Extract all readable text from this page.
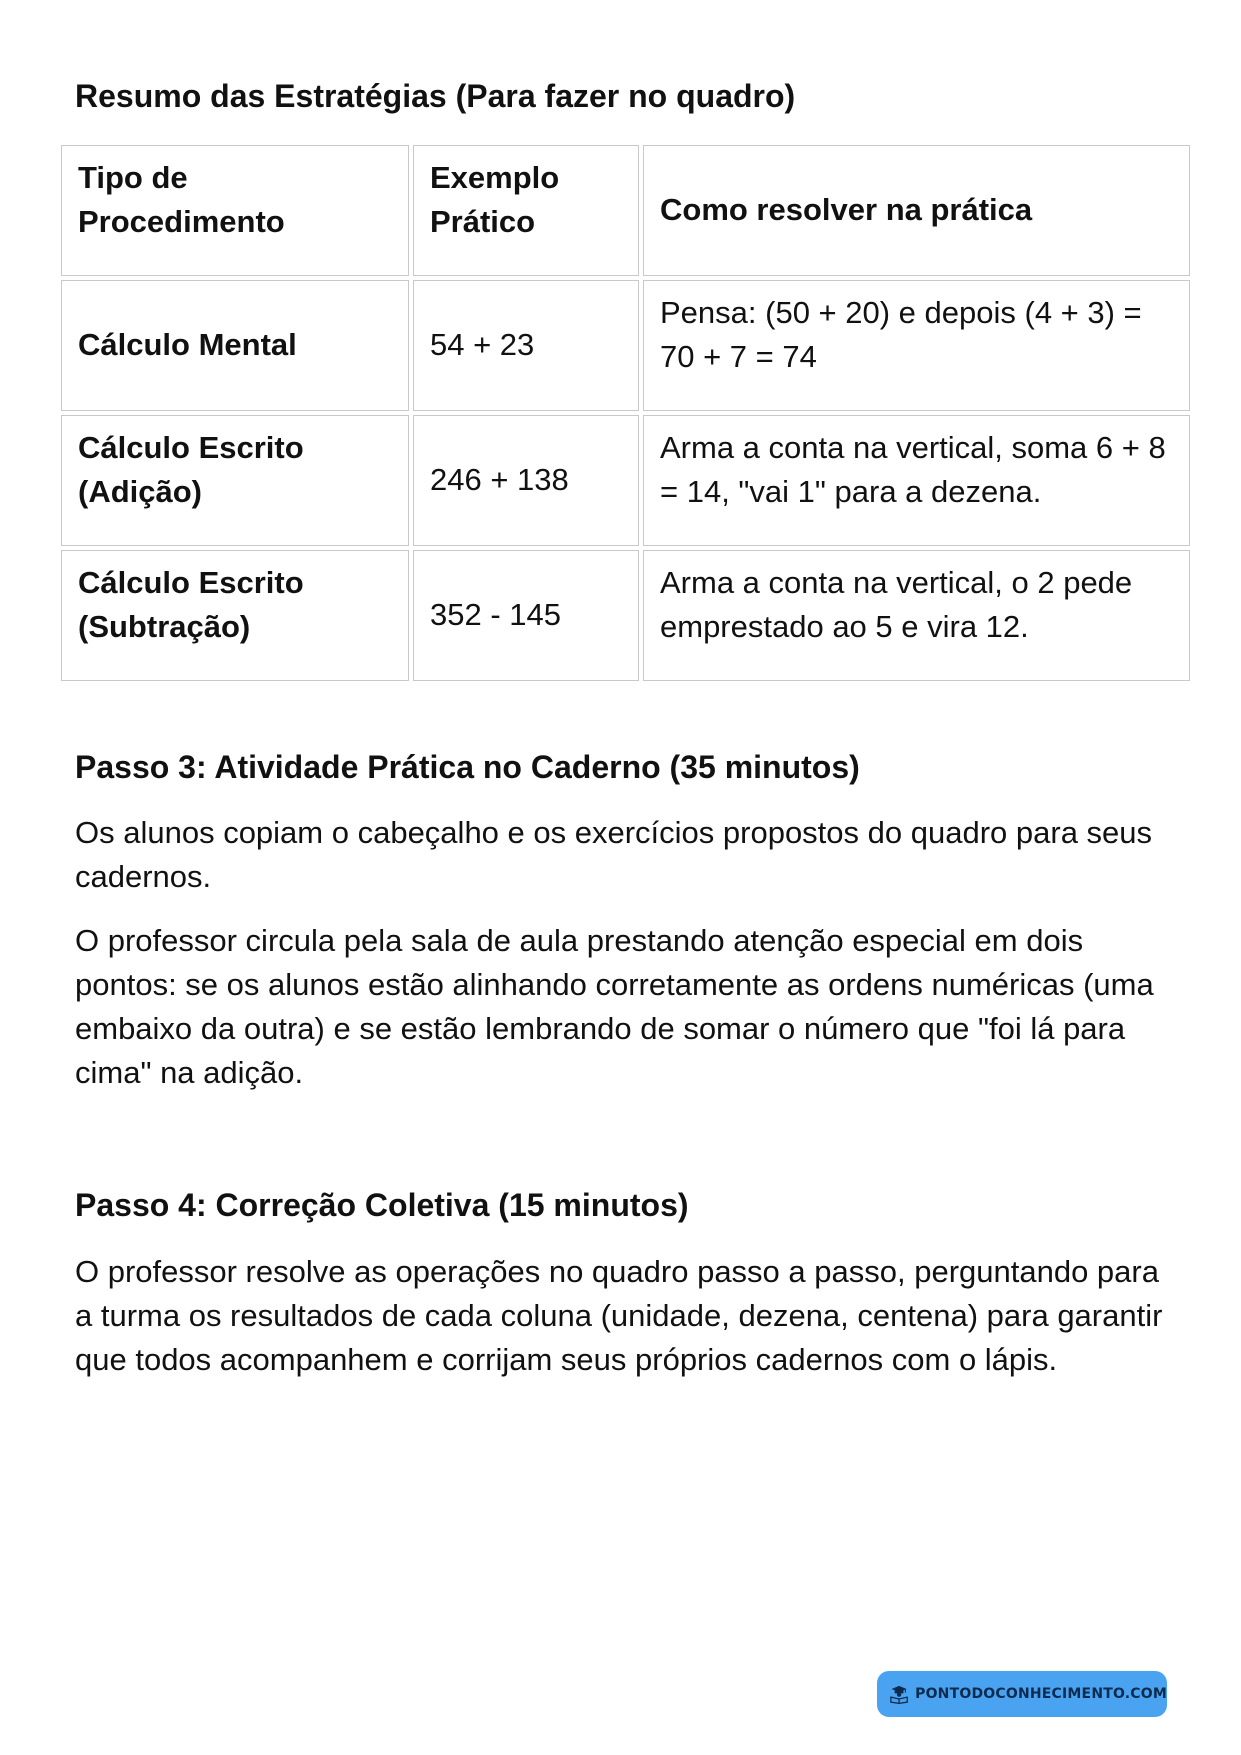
Resumo das Estratégias (Para fazer no quadro)
Tipo de Procedimento	Exemplo Prático	Como resolver na prática
Cálculo Mental	54 + 23	Pensa: (50 + 20) e depois (4 + 3) = 70 + 7 = 74
Cálculo Escrito (Adição)	246 + 138	Arma a conta na vertical, soma 6 + 8 = 14, "vai 1" para a dezena.
Cálculo Escrito (Subtração)	352 - 145	Arma a conta na vertical, o 2 pede emprestado ao 5 e vira 12.
Passo 3: Atividade Prática no Caderno (35 minutos)

Os alunos copiam o cabeçalho e os exercícios propostos do quadro para seus cadernos.

O professor circula pela sala de aula prestando atenção especial em dois pontos: se os alunos estão alinhando corretamente as ordens numéricas (uma embaixo da outra) e se estão lembrando de somar o número que "foi lá para cima" na adição.

Passo 4: Correção Coletiva (15 minutos)

O professor resolve as operações no quadro passo a passo, perguntando para a turma os resultados de cada coluna (unidade, dezena, centena) para garantir que todos acompanhem e corrijam seus próprios cadernos com o lápis.

PONTODOCONHECIMENTO.COM
